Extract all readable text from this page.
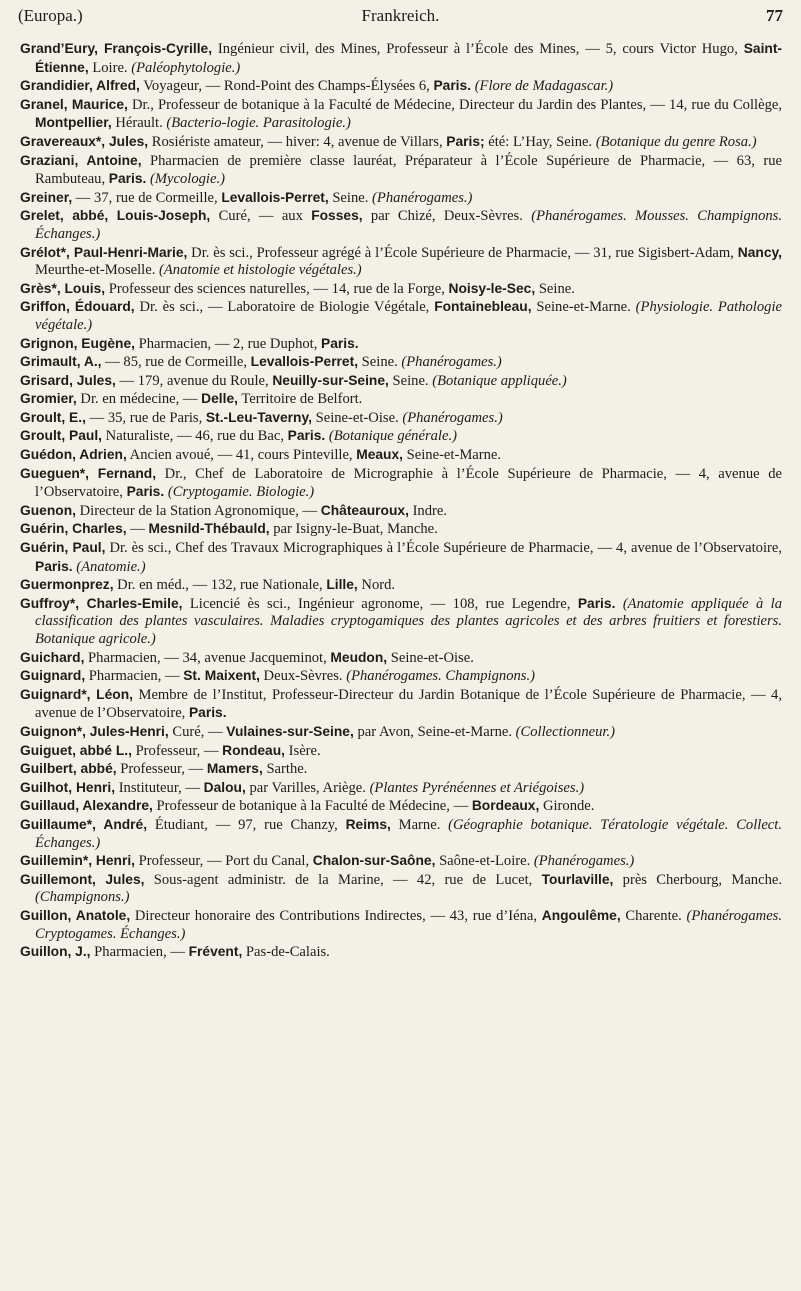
(Europa.)	Frankreich.	77

Grand’Eury, François-Cyrille, Ingénieur civil, des Mines, Professeur à l’École des Mines, — 5, cours Victor Hugo, Saint-Étienne, Loire. (Paléophytologie.)

Grandidier, Alfred, Voyageur, — Rond-Point des Champs-Élysées 6, Paris. (Flore de Madagascar.)

Granel, Maurice, Dr., Professeur de botanique à la Faculté de Médecine, Directeur du Jardin des Plantes, — 14, rue du Collège, Montpellier, Hérault. (Bacterio-logie. Parasitologie.)

Gravereaux*, Jules, Rosiériste amateur, — hiver: 4, avenue de Villars, Paris; été: L’Hay, Seine. (Botanique du genre Rosa.)

Graziani, Antoine, Pharmacien de première classe lauréat, Préparateur à l’École Supérieure de Pharmacie, — 63, rue Rambuteau, Paris. (Mycologie.)

Greiner, — 37, rue de Cormeille, Levallois-Perret, Seine. (Phanérogames.)

Grelet, abbé, Louis-Joseph, Curé, — aux Fosses, par Chizé, Deux-Sèvres. (Phanérogames. Mousses. Champignons. Échanges.)

Grélot*, Paul-Henri-Marie, Dr. ès sci., Professeur agrégé à l’École Supérieure de Pharmacie, — 31, rue Sigisbert-Adam, Nancy, Meurthe-et-Moselle. (Anatomie et histologie végétales.)

Grès*, Louis, Professeur des sciences naturelles, — 14, rue de la Forge, Noisy-le-Sec, Seine.

Griffon, Édouard, Dr. ès sci., — Laboratoire de Biologie Végétale, Fontainebleau, Seine-et-Marne. (Physiologie. Pathologie végétale.)

Grignon, Eugène, Pharmacien, — 2, rue Duphot, Paris.

Grimault, A., — 85, rue de Cormeille, Levallois-Perret, Seine. (Phanérogames.)

Grisard, Jules, — 179, avenue du Roule, Neuilly-sur-Seine, Seine. (Botanique appliquée.)

Gromier, Dr. en médecine, — Delle, Territoire de Belfort.

Groult, E., — 35, rue de Paris, St.-Leu-Taverny, Seine-et-Oise. (Phanérogames.)

Groult, Paul, Naturaliste, — 46, rue du Bac, Paris. (Botanique générale.)

Guédon, Adrien, Ancien avoué, — 41, cours Pinteville, Meaux, Seine-et-Marne.

Gueguen*, Fernand, Dr., Chef de Laboratoire de Micrographie à l’École Supérieure de Pharmacie, — 4, avenue de l’Observatoire, Paris. (Cryptogamie. Biologie.)

Guenon, Directeur de la Station Agronomique, — Châteauroux, Indre.

Guérin, Charles, — Mesnild-Thébauld, par Isigny-le-Buat, Manche.

Guérin, Paul, Dr. ès sci., Chef des Travaux Micrographiques à l’École Supérieure de Pharmacie, — 4, avenue de l’Observatoire, Paris. (Anatomie.)

Guermonprez, Dr. en méd., — 132, rue Nationale, Lille, Nord.

Guffroy*, Charles-Emile, Licencié ès sci., Ingénieur agronome, — 108, rue Legendre, Paris. (Anatomie appliquée à la classification des plantes vasculaires. Maladies cryptogamiques des plantes agricoles et des arbres fruitiers et forestiers. Botanique agricole.)

Guichard, Pharmacien, — 34, avenue Jacqueminot, Meudon, Seine-et-Oise.

Guignard, Pharmacien, — St. Maixent, Deux-Sèvres. (Phanérogames. Champignons.)

Guignard*, Léon, Membre de l’Institut, Professeur-Directeur du Jardin Botanique de l’École Supérieure de Pharmacie, — 4, avenue de l’Observatoire, Paris.

Guignon*, Jules-Henri, Curé, — Vulaines-sur-Seine, par Avon, Seine-et-Marne. (Collectionneur.)

Guiguet, abbé L., Professeur, — Rondeau, Isère.

Guilbert, abbé, Professeur, — Mamers, Sarthe.

Guilhot, Henri, Instituteur, — Dalou, par Varilles, Ariège. (Plantes Pyrénéennes et Ariégoises.)

Guillaud, Alexandre, Professeur de botanique à la Faculté de Médecine, — Bordeaux, Gironde.

Guillaume*, André, Étudiant, — 97, rue Chanzy, Reims, Marne. (Géographie botanique. Tératologie végétale. Collect. Échanges.)

Guillemin*, Henri, Professeur, — Port du Canal, Chalon-sur-Saône, Saône-et-Loire. (Phanérogames.)

Guillemont, Jules, Sous-agent administr. de la Marine, — 42, rue de Lucet, Tourlaville, près Cherbourg, Manche. (Champignons.)

Guillon, Anatole, Directeur honoraire des Contributions Indirectes, — 43, rue d’Iéna, Angoulême, Charente. (Phanérogames. Cryptogames. Échanges.)

Guillon, J., Pharmacien, — Frévent, Pas-de-Calais.
